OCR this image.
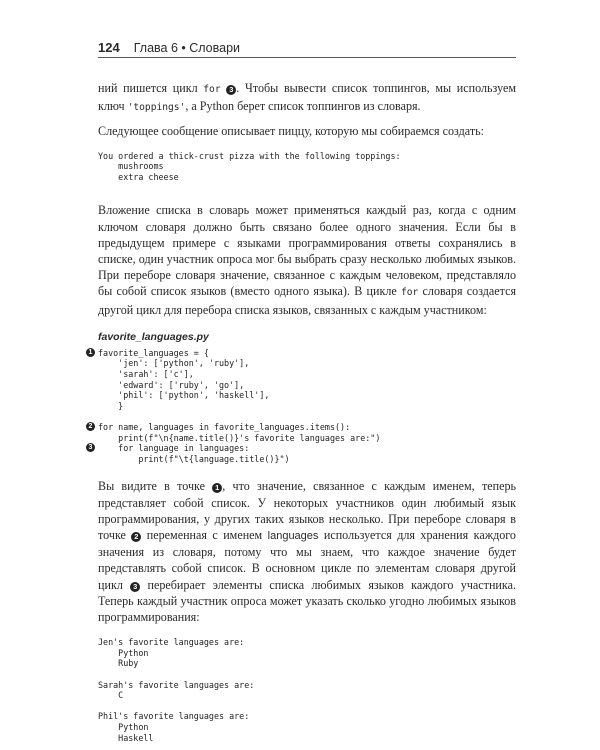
124 Глава 6 • Словари

ний пишется цикл for 3 . Чтобы вывести список топпингов, мы используем ключ 'toppings', а Python берет список топпингов из словаря.

Следующее сообщение описывает пиццу, которую мы собираемся создать:

You ordered a thick-crust pizza with the following toppings:
mushrooms
extra cheese

Вложение списка в словарь может применяться каждый раз, когда с одним ключом словаря должно быть связано более одного значения. Если бы в предыдущем примере с языками программирования ответы сохранялись в списке, один участник опроса мог бы выбрать сразу несколько любимых языков. При переборе словаря значение, связанное с каждым человеком, представляло бы собой список языков (вместо одного языка). В цикле for словаря создается другой цикл для перебора списка языков, связанных с каждым участником:

favorite_languages.py

1 favorite_languages = {
'jen': ['python', 'ruby'],
'sarah': ['c'],
'edward': ['ruby', 'go'],
'phil': ['python', 'haskell'],
}
2 for name, languages in favorite_languages.items():
print(f"\n{name.title()}'s favorite languages are:")
3 for language in languages:
print(f"\t{language.title()}")

Вы видите в точке 1 , что значение, связанное с каждым именем, теперь представляет собой список. У некоторых участников один любимый язык программирования, у других таких языков несколько. При переборе словаря в точке 2 переменная с именем languages используется для хранения каждого значения из словаря, потому что мы знаем, что каждое значение будет представлять собой список. В основном цикле по элементам словаря другой цикл 3 перебирает элементы списка любимых языков каждого участника. Теперь каждый участник опроса может указать сколько угодно любимых языков программирования:

Jen's favorite languages are:
Python
Ruby
Sarah's favorite languages are:
C
Phil's favorite languages are:
Python
Haskell
